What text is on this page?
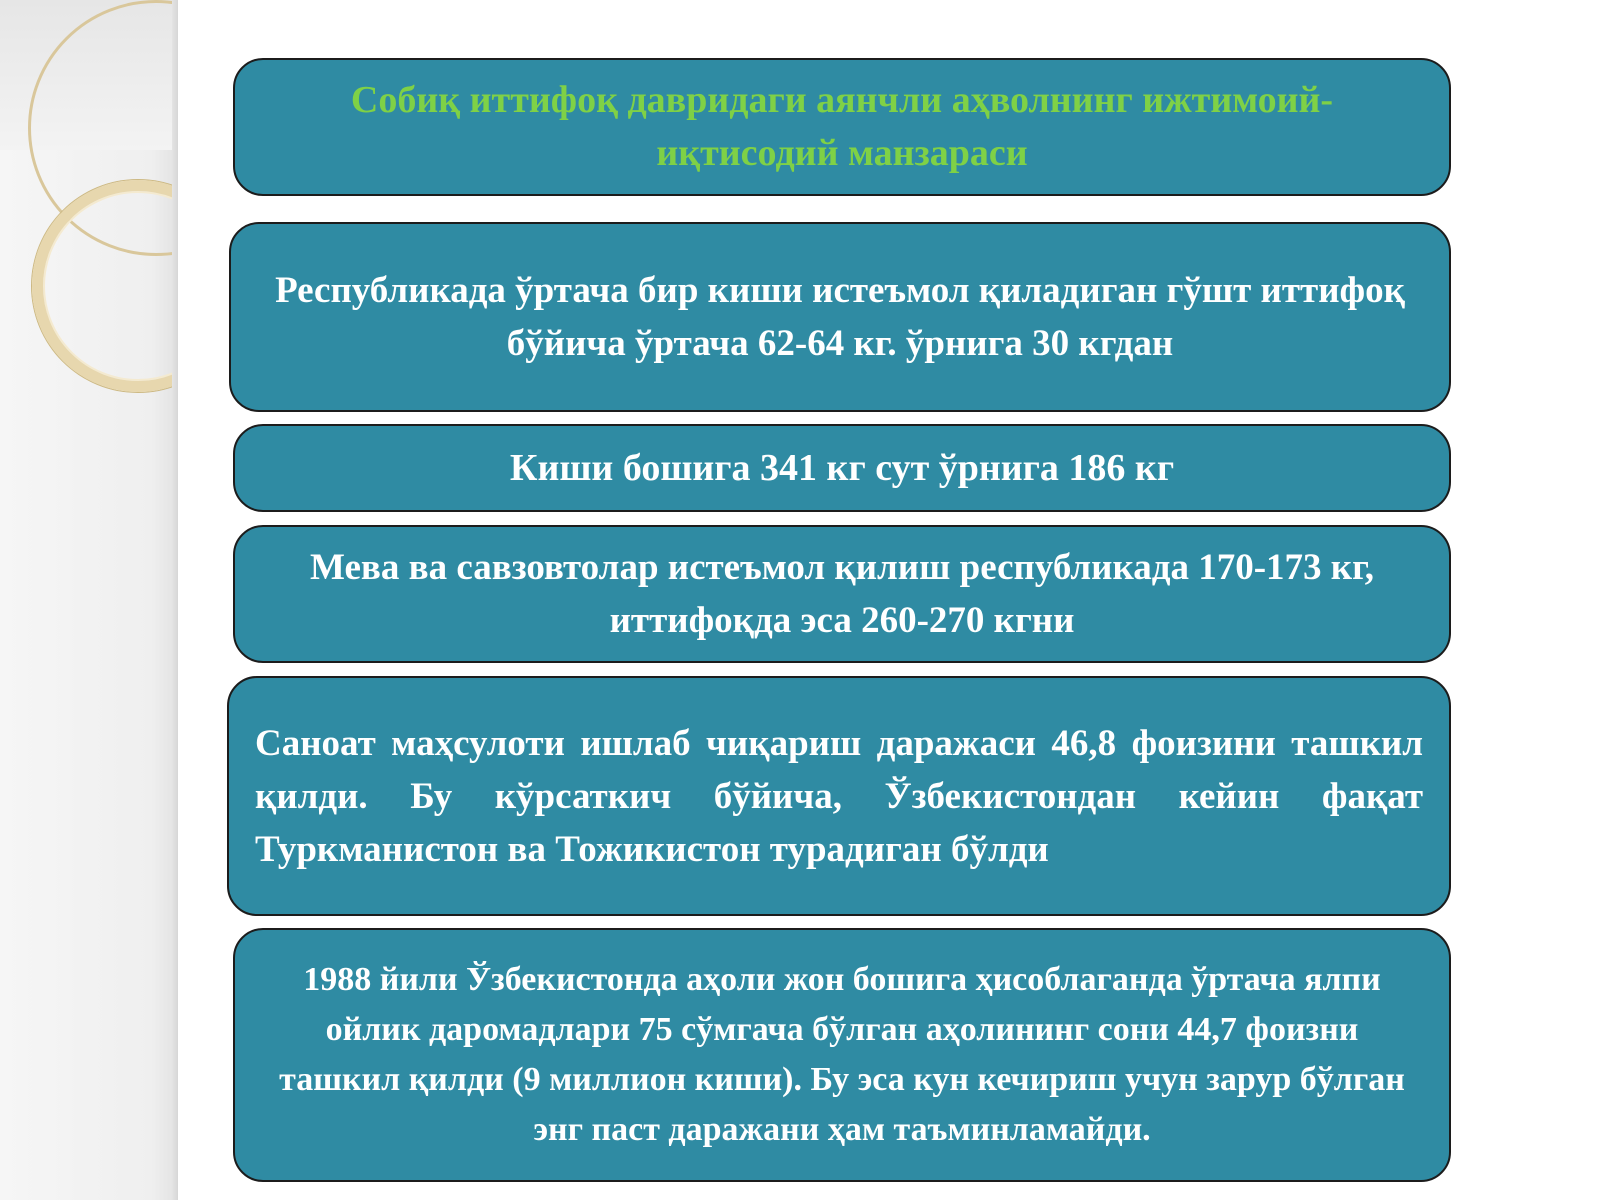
Собиқ иттифоқ давридаги аянчли аҳволнинг ижтимоий-иқтисодий манзараси
Республикада ўртача бир киши истеъмол қиладиган гўшт иттифоқ бўйича ўртача 62-64 кг. ўрнига 30 кгдан
Киши бошига 341 кг сут ўрнига 186 кг
Мева ва савзовтолар истеъмол қилиш республикада 170-173 кг, иттифоқда эса 260-270 кгни
Саноат маҳсулоти ишлаб чиқариш даражаси 46,8 фоизини ташкил қилди. Бу кўрсаткич бўйича, Ўзбекистондан кейин фақат Туркманистон ва Тожикистон турадиган бўлди
1988 йили Ўзбекистонда аҳоли жон бошига ҳисоблаганда ўртача ялпи ойлик даромадлари 75 сўмгача бўлган аҳолининг сони 44,7 фоизни ташкил қилди (9 миллион киши). Бу эса кун кечириш учун зарур бўлган энг паст даражани ҳам таъминламайди.
